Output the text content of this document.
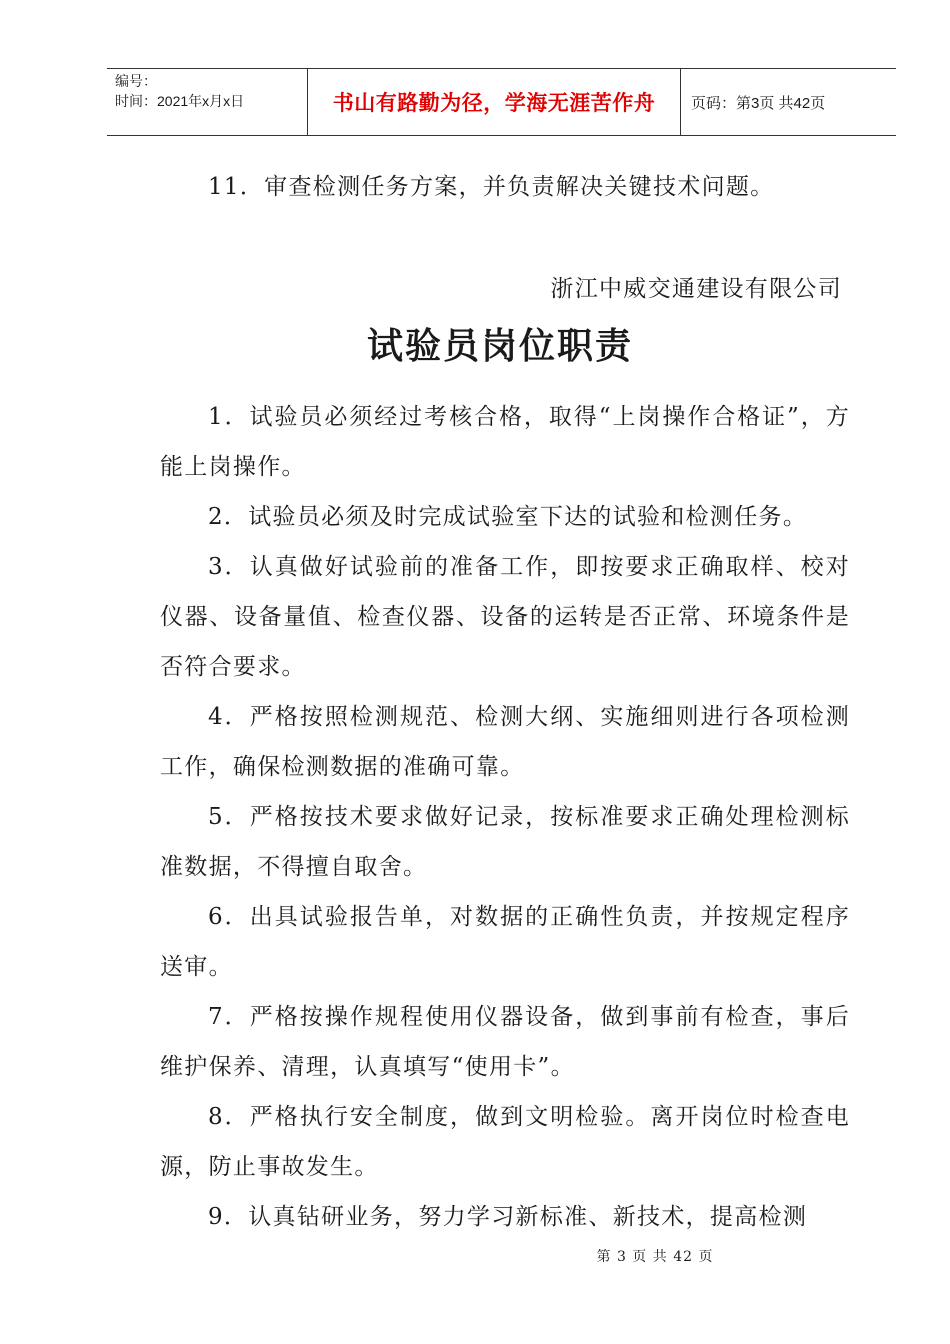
编号：
时间：2021年x月x日	书山有路勤为径，学海无涯苦作舟	页码：第3页 共42页
11．审查检测任务方案，并负责解决关键技术问题。
浙江中威交通建设有限公司
试验员岗位职责

1．试验员必须经过考核合格，取得“上岗操作合格证”，方能上岗操作。

2．试验员必须及时完成试验室下达的试验和检测任务。

3．认真做好试验前的准备工作，即按要求正确取样、校对仪器、设备量值、检查仪器、设备的运转是否正常、环境条件是否符合要求。

4．严格按照检测规范、检测大纲、实施细则进行各项检测工作，确保检测数据的准确可靠。

5．严格按技术要求做好记录，按标准要求正确处理检测标准数据，不得擅自取舍。

6．出具试验报告单，对数据的正确性负责，并按规定程序送审。

7．严格按操作规程使用仪器设备，做到事前有检查，事后维护保养、清理，认真填写“使用卡”。

8．严格执行安全制度，做到文明检验。离开岗位时检查电源，防止事故发生。

9．认真钻研业务，努力学习新标准、新技术，提高检测

第 3 页 共 42 页
